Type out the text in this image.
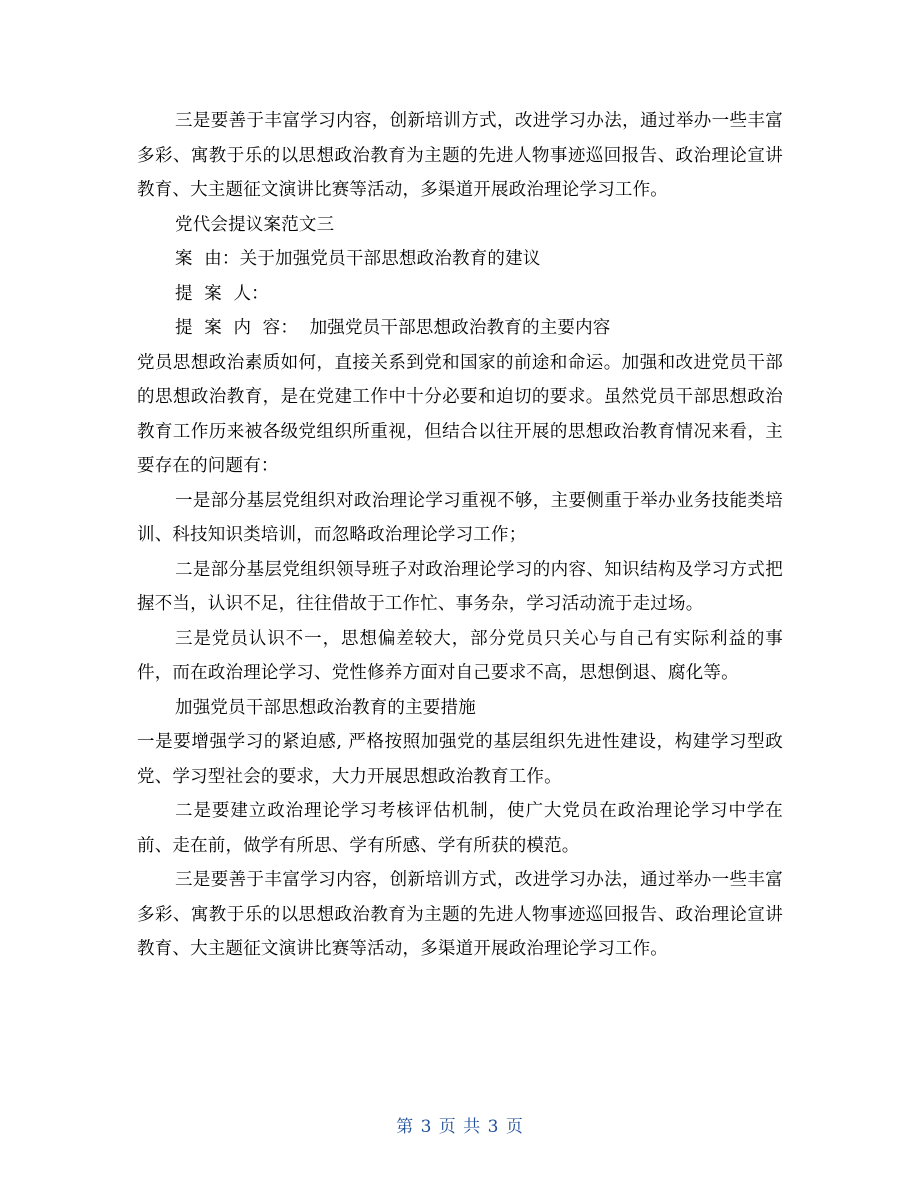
三是要善于丰富学习内容，创新培训方式，改进学习办法，通过举办一些丰富多彩、寓教于乐的以思想政治教育为主题的先进人物事迹巡回报告、政治理论宣讲教育、大主题征文演讲比赛等活动，多渠道开展政治理论学习工作。

党代会提议案范文三

案  由：关于加强党员干部思想政治教育的建议

提  案  人：

提  案  内  容：  加强党员干部思想政治教育的主要内容

党员思想政治素质如何，直接关系到党和国家的前途和命运。加强和改进党员干部的思想政治教育，是在党建工作中十分必要和迫切的要求。虽然党员干部思想政治教育工作历来被各级党组织所重视，但结合以往开展的思想政治教育情况来看，主要存在的问题有：

一是部分基层党组织对政治理论学习重视不够，主要侧重于举办业务技能类培训、科技知识类培训，而忽略政治理论学习工作；

二是部分基层党组织领导班子对政治理论学习的内容、知识结构及学习方式把握不当，认识不足，往往借故于工作忙、事务杂，学习活动流于走过场。

三是党员认识不一，思想偏差较大，部分党员只关心与自己有实际利益的事件，而在政治理论学习、党性修养方面对自己要求不高，思想倒退、腐化等。

加强党员干部思想政治教育的主要措施

一是要增强学习的紧迫感, 严格按照加强党的基层组织先进性建设，构建学习型政党、学习型社会的要求，大力开展思想政治教育工作。

二是要建立政治理论学习考核评估机制，使广大党员在政治理论学习中学在前、走在前，做学有所思、学有所感、学有所获的模范。

三是要善于丰富学习内容，创新培训方式，改进学习办法，通过举办一些丰富多彩、寓教于乐的以思想政治教育为主题的先进人物事迹巡回报告、政治理论宣讲教育、大主题征文演讲比赛等活动，多渠道开展政治理论学习工作。

第 3 页 共 3 页
